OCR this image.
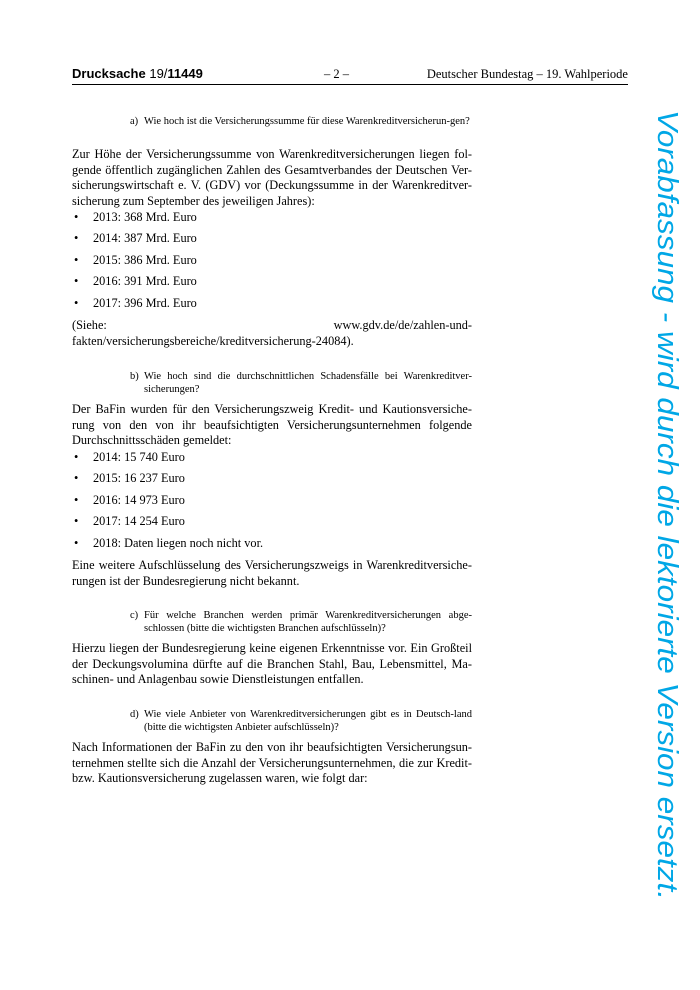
Drucksache 19/11449	– 2 –	Deutscher Bundestag – 19. Wahlperiode
a) Wie hoch ist die Versicherungssumme für diese Warenkreditversicherun-gen?
Zur Höhe der Versicherungssumme von Warenkreditversicherungen liegen fol-gende öffentlich zugänglichen Zahlen des Gesamtverbandes der Deutschen Ver-sicherungswirtschaft e. V. (GDV) vor (Deckungssumme in der Warenkreditver-sicherung zum September des jeweiligen Jahres):
• 2013: 368 Mrd. Euro
• 2014: 387 Mrd. Euro
• 2015: 386 Mrd. Euro
• 2016: 391 Mrd. Euro
• 2017: 396 Mrd. Euro
(Siehe: www.gdv.de/de/zahlen-und-fakten/versicherungsbereiche/kreditversicherung-24084).
b) Wie hoch sind die durchschnittlichen Schadensfälle bei Warenkreditver-sicherungen?
Der BaFin wurden für den Versicherungszweig Kredit- und Kautionsversiche-rung von den von ihr beaufsichtigten Versicherungsunternehmen folgende Durchschnittsschäden gemeldet:
• 2014: 15 740 Euro
• 2015: 16 237 Euro
• 2016: 14 973 Euro
• 2017: 14 254 Euro
• 2018: Daten liegen noch nicht vor.
Eine weitere Aufschlüsselung des Versicherungszweigs in Warenkreditversiche-rungen ist der Bundesregierung nicht bekannt.
c) Für welche Branchen werden primär Warenkreditversicherungen abge-schlossen (bitte die wichtigsten Branchen aufschlüsseln)?
Hierzu liegen der Bundesregierung keine eigenen Erkenntnisse vor. Ein Großteil der Deckungsvolumina dürfte auf die Branchen Stahl, Bau, Lebensmittel, Ma-schinen- und Anlagenbau sowie Dienstleistungen entfallen.
d) Wie viele Anbieter von Warenkreditversicherungen gibt es in Deutsch-land (bitte die wichtigsten Anbieter aufschlüsseln)?
Nach Informationen der BaFin zu den von ihr beaufsichtigten Versicherungsun-ternehmen stellte sich die Anzahl der Versicherungsunternehmen, die zur Kredit-bzw. Kautionsversicherung zugelassen waren, wie folgt dar:	Vorabfassung - wird durch die lektorierte Version ersetzt.
